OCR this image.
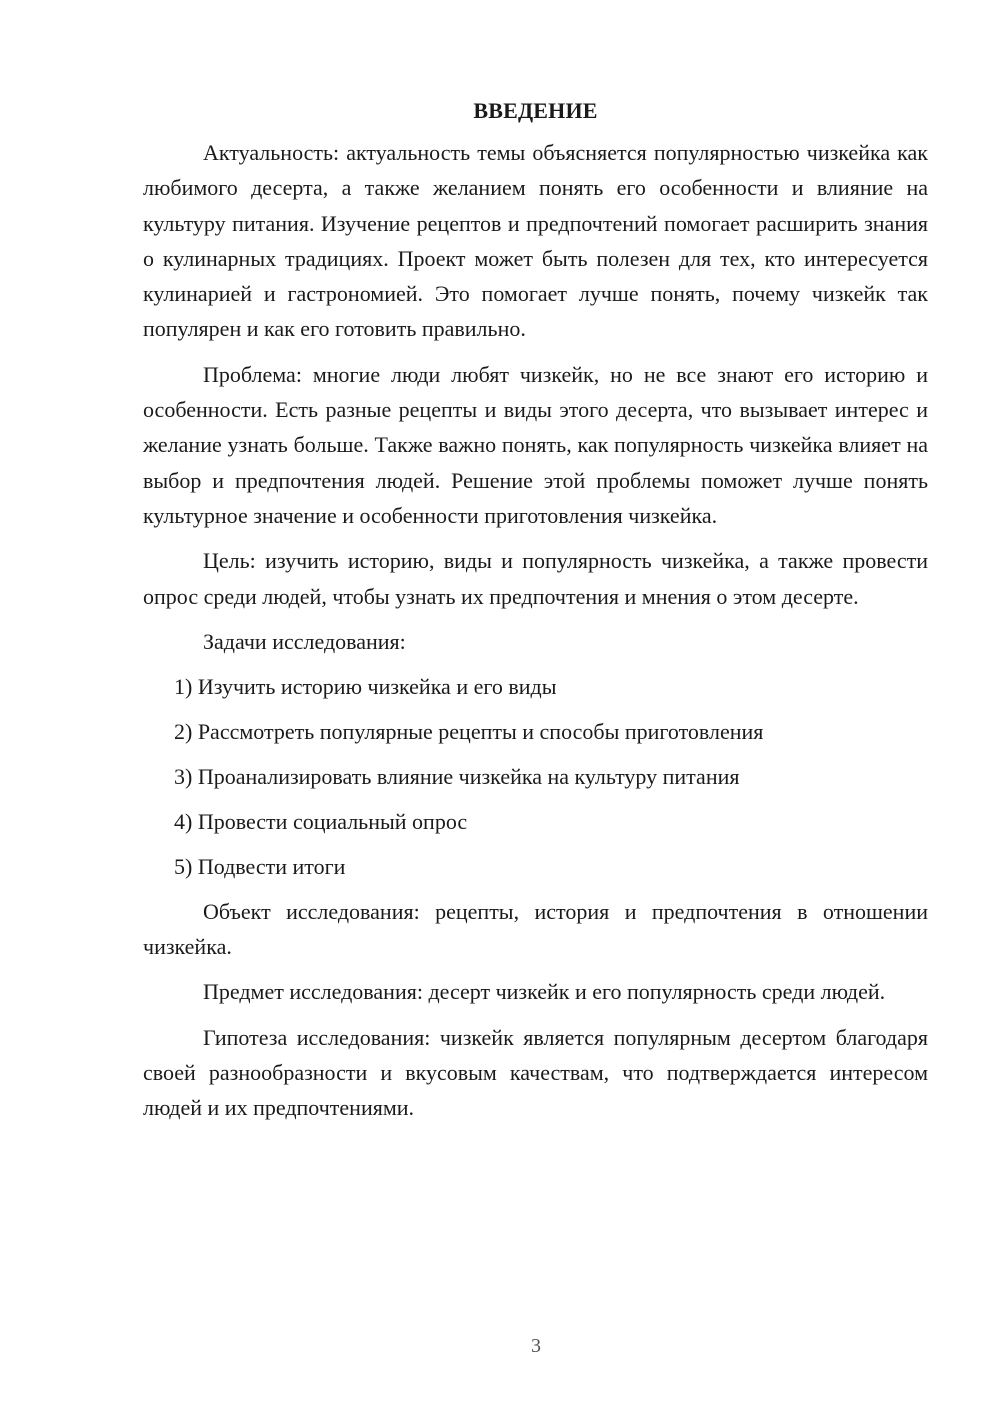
ВВЕДЕНИЕ

Актуальность: актуальность темы объясняется популярностью чизкейка как любимого десерта, а также желанием понять его особенности и влияние на культуру питания. Изучение рецептов и предпочтений помогает расширить знания о кулинарных традициях. Проект может быть полезен для тех, кто интересуется кулинарией и гастрономией. Это помогает лучше понять, почему чизкейк так популярен и как его готовить правильно.

Проблема: многие люди любят чизкейк, но не все знают его историю и особенности. Есть разные рецепты и виды этого десерта, что вызывает интерес и желание узнать больше. Также важно понять, как популярность чизкейка влияет на выбор и предпочтения людей. Решение этой проблемы поможет лучше понять культурное значение и особенности приготовления чизкейка.

Цель: изучить историю, виды и популярность чизкейка, а также провести опрос среди людей, чтобы узнать их предпочтения и мнения о этом десерте.

Задачи исследования:

1) Изучить историю чизкейка и его виды
2) Рассмотреть популярные рецепты и способы приготовления
3) Проанализировать влияние чизкейка на культуру питания
4) Провести социальный опрос
5) Подвести итоги

Объект исследования: рецепты, история и предпочтения в отношении чизкейка.

Предмет исследования: десерт чизкейк и его популярность среди людей.

Гипотеза исследования: чизкейк является популярным десертом благодаря своей разнообразности и вкусовым качествам, что подтверждается интересом людей и их предпочтениями.

3
